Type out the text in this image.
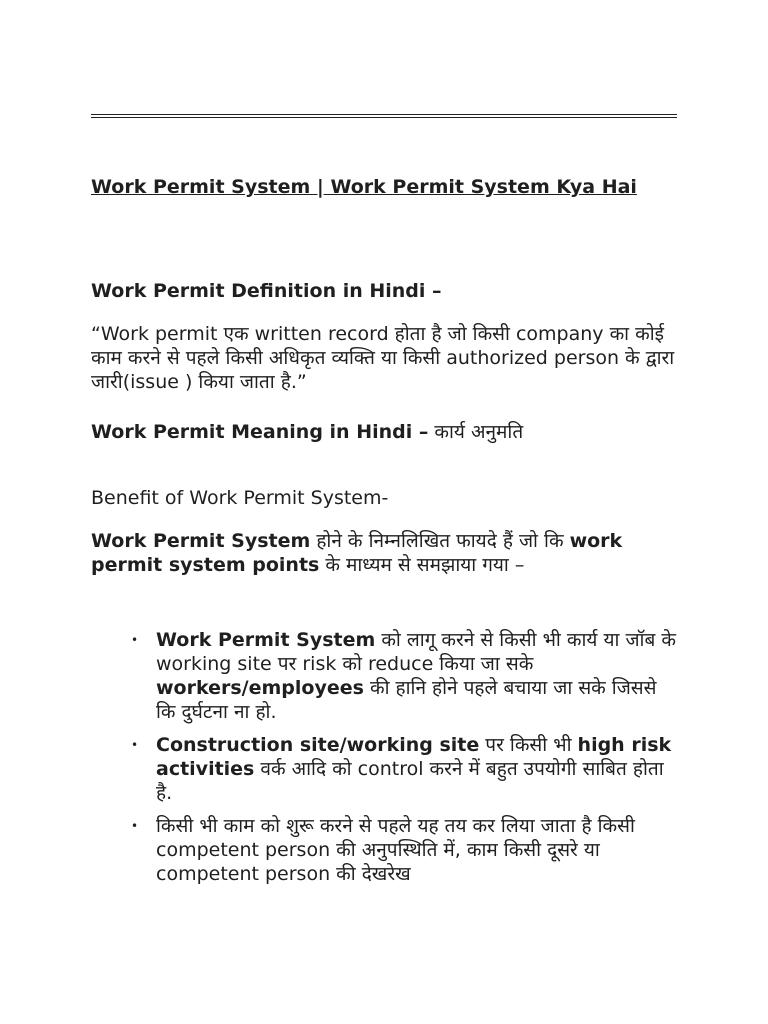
Work Permit System | Work Permit System Kya Hai

Work Permit Definition in Hindi –

“Work permit एक written record होता है जो किसी company का कोई काम करने से पहले किसी अधिकृत व्यक्ति या किसी authorized person के द्वारा जारी(issue ) किया जाता है.”

Work Permit Meaning in Hindi – कार्य अनुमति

Benefit of Work Permit System-

Work Permit System होने के निम्नलिखित फायदे हैं जो कि work permit system points के माध्यम से समझाया गया –

• Work Permit System को लागू करने से किसी भी कार्य या जॉब के working site पर risk को reduce किया जा सके workers/employees की हानि होने पहले बचाया जा सके जिससे कि दुर्घटना ना हो.
• Construction site/working site पर किसी भी high risk activities वर्क आदि को control करने में बहुत उपयोगी साबित होता है.
• किसी भी काम को शुरू करने से पहले यह तय कर लिया जाता है किसी competent person की अनुपस्थिति में, काम किसी दूसरे या competent person की देखरेख
